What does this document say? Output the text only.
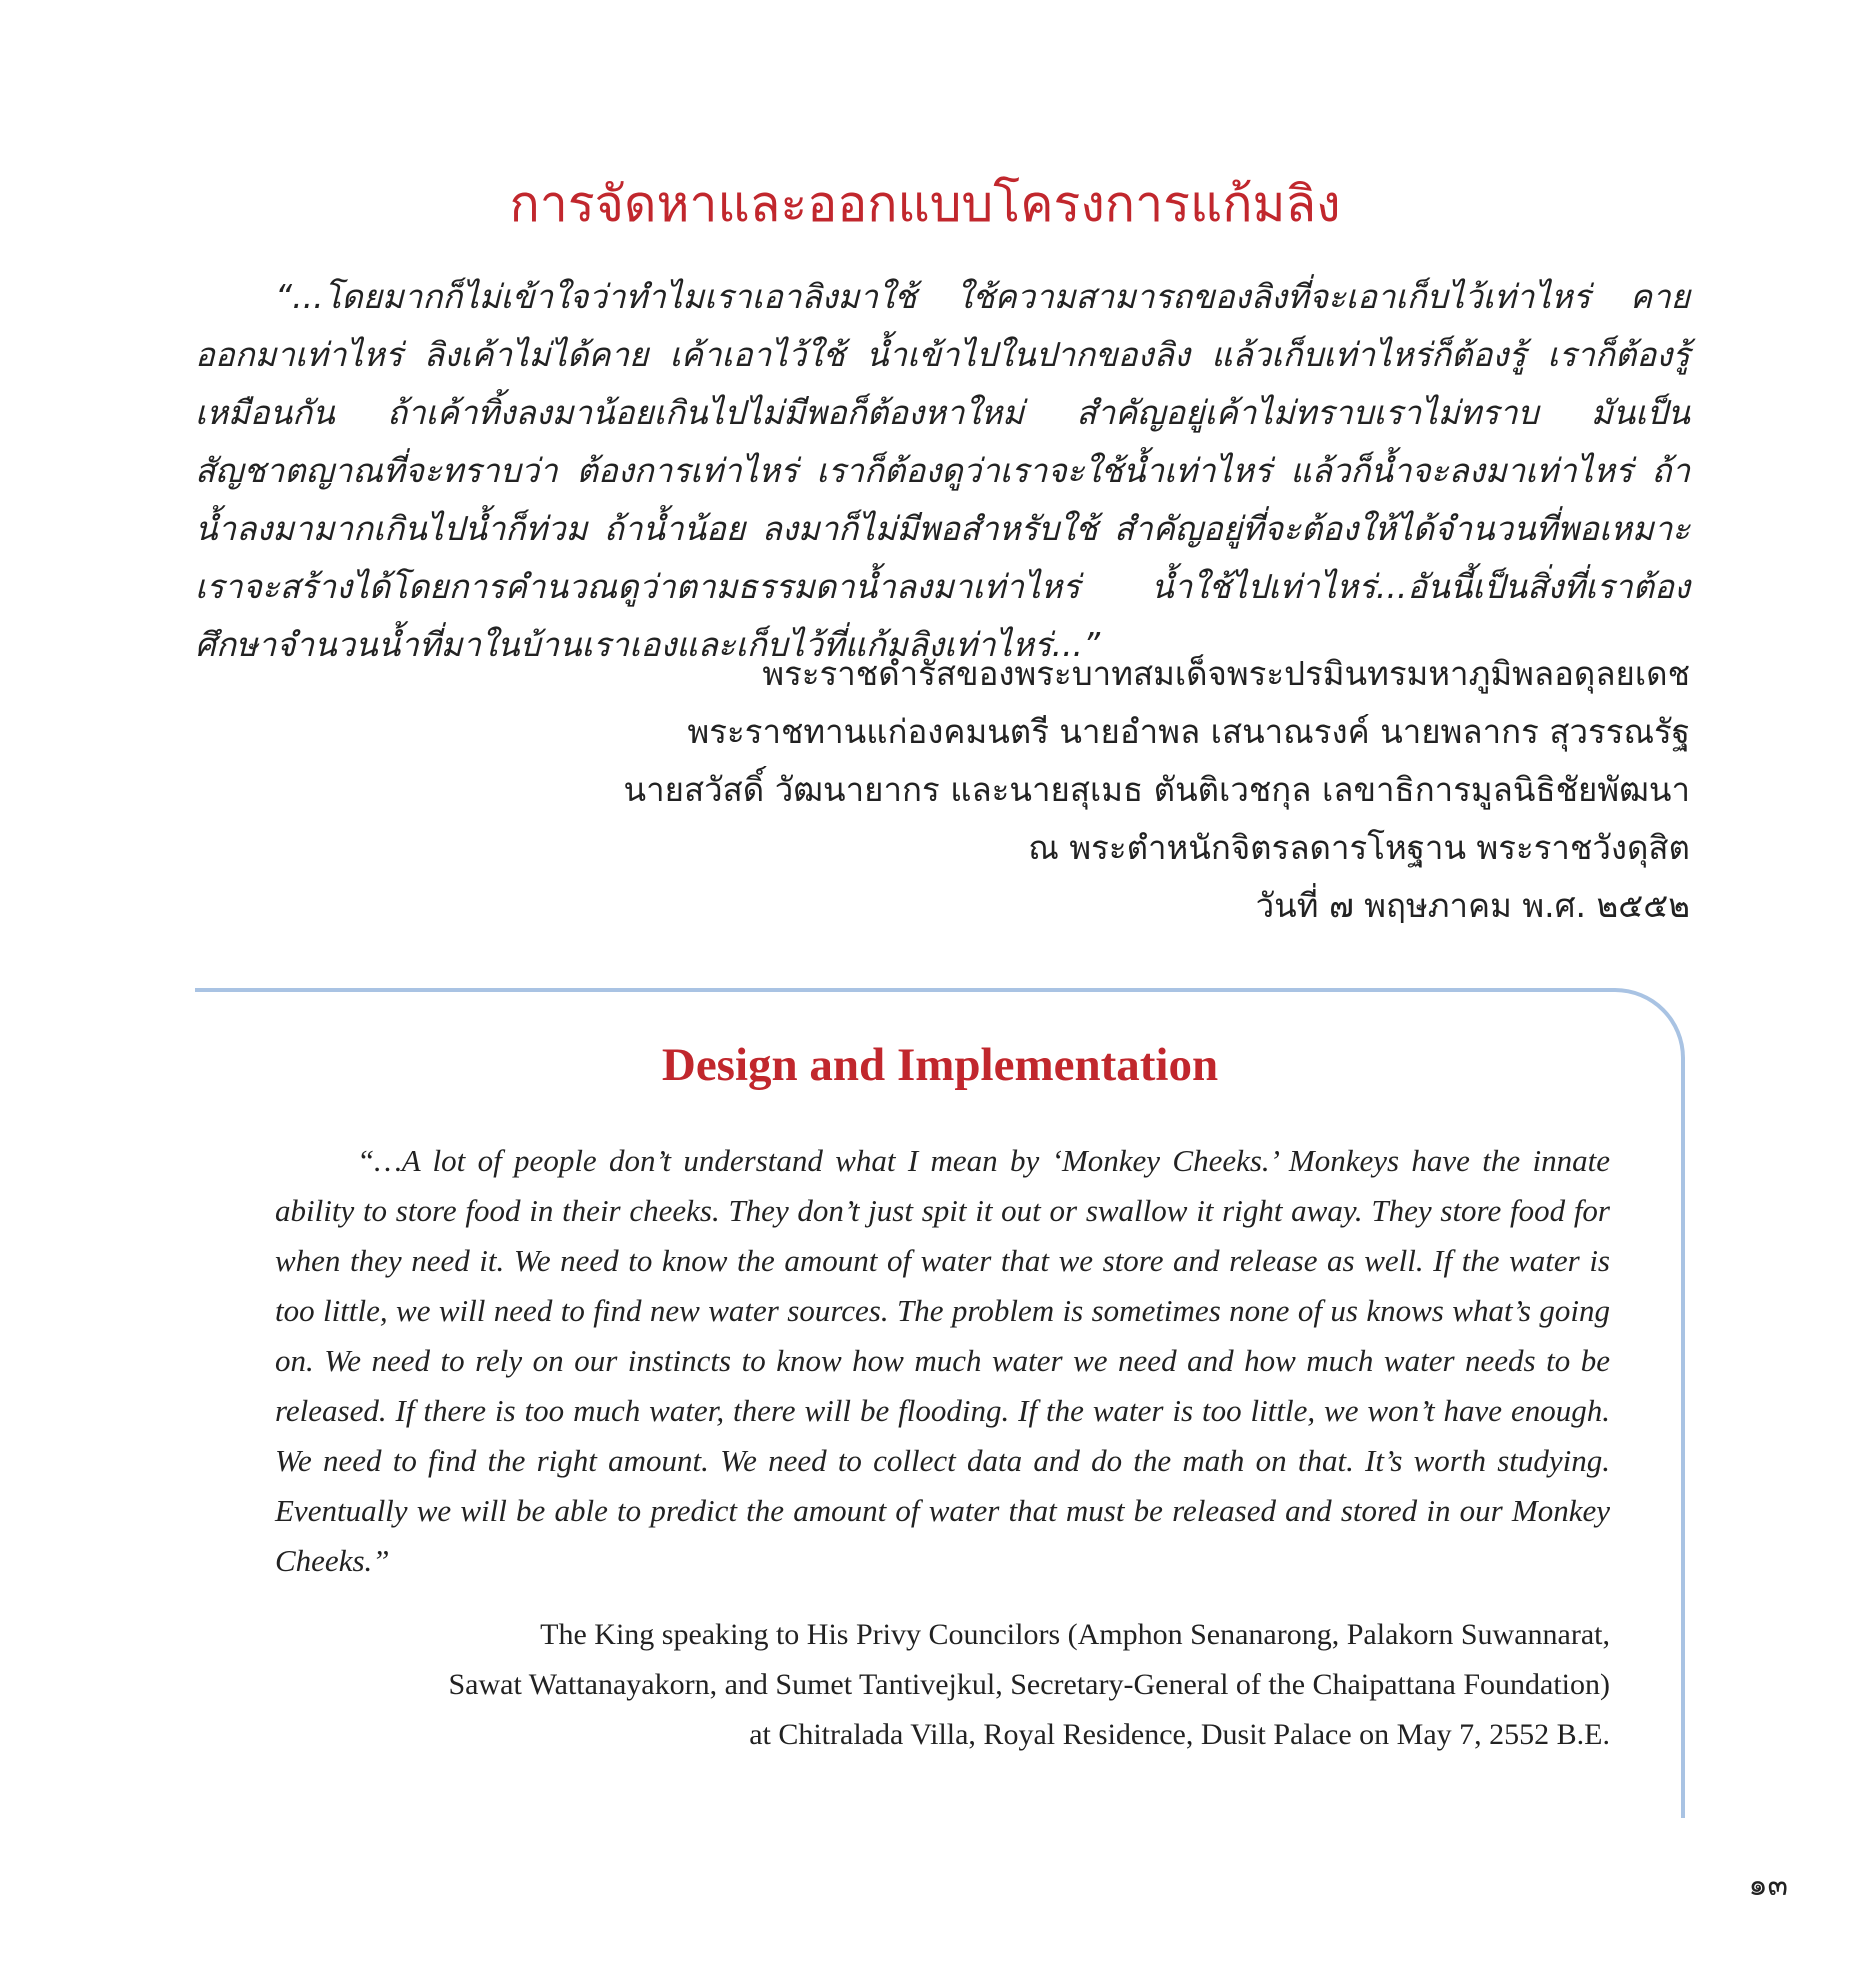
การจัดหาและออกแบบโครงการแก้มลิง

“...โดยมากก็ไม่เข้าใจว่าทำไมเราเอาลิงมาใช้ ใช้ความสามารถของลิงที่จะเอาเก็บไว้เท่าไหร่ คายออกมาเท่าไหร่ ลิงเค้าไม่ได้คาย เค้าเอาไว้ใช้ น้ำเข้าไปในปากของลิง แล้วเก็บเท่าไหร่ก็ต้องรู้ เราก็ต้องรู้เหมือนกัน ถ้าเค้าทิ้งลงมาน้อยเกินไปไม่มีพอก็ต้องหาใหม่ สำคัญอยู่เค้าไม่ทราบเราไม่ทราบ มันเป็นสัญชาตญาณที่จะทราบว่า ต้องการเท่าไหร่ เราก็ต้องดูว่าเราจะใช้น้ำเท่าไหร่ แล้วก็น้ำจะลงมาเท่าไหร่ ถ้าน้ำลงมามากเกินไปน้ำก็ท่วม ถ้าน้ำน้อย ลงมาก็ไม่มีพอสำหรับใช้ สำคัญอยู่ที่จะต้องให้ได้จำนวนที่พอเหมาะ เราจะสร้างได้โดยการคำนวณดูว่าตามธรรมดาน้ำลงมาเท่าไหร่ น้ำใช้ไปเท่าไหร่...อันนี้เป็นสิ่งที่เราต้องศึกษาจำนวนน้ำที่มาในบ้านเราเองและเก็บไว้ที่แก้มลิงเท่าไหร่...”

พระราชดำรัสของพระบาทสมเด็จพระปรมินทรมหาภูมิพลอดุลยเดช
พระราชทานแก่องคมนตรี นายอำพล เสนาณรงค์ นายพลากร สุวรรณรัฐ
นายสวัสดิ์ วัฒนายากร และนายสุเมธ ตันติเวชกุล เลขาธิการมูลนิธิชัยพัฒนา
ณ พระตำหนักจิตรลดารโหฐาน พระราชวังดุสิต
วันที่ ๗ พฤษภาคม พ.ศ. ๒๕๕๒
Design and Implementation

“…A lot of people don’t understand what I mean by ‘Monkey Cheeks.’ Monkeys have the innate ability to store food in their cheeks. They don’t just spit it out or swallow it right away. They store food for when they need it. We need to know the amount of water that we store and release as well. If the water is too little, we will need to find new water sources. The problem is sometimes none of us knows what’s going on. We need to rely on our instincts to know how much water we need and how much water needs to be released. If there is too much water, there will be flooding. If the water is too little, we won’t have enough. We need to find the right amount. We need to collect data and do the math on that. It’s worth studying. Eventually we will be able to predict the amount of water that must be released and stored in our Monkey Cheeks.”

The King speaking to His Privy Councilors (Amphon Senanarong, Palakorn Suwannarat,
Sawat Wattanayakorn, and Sumet Tantivejkul, Secretary-General of the Chaipattana Foundation)
at Chitralada Villa, Royal Residence, Dusit Palace on May 7, 2552 B.E.
๑๓
